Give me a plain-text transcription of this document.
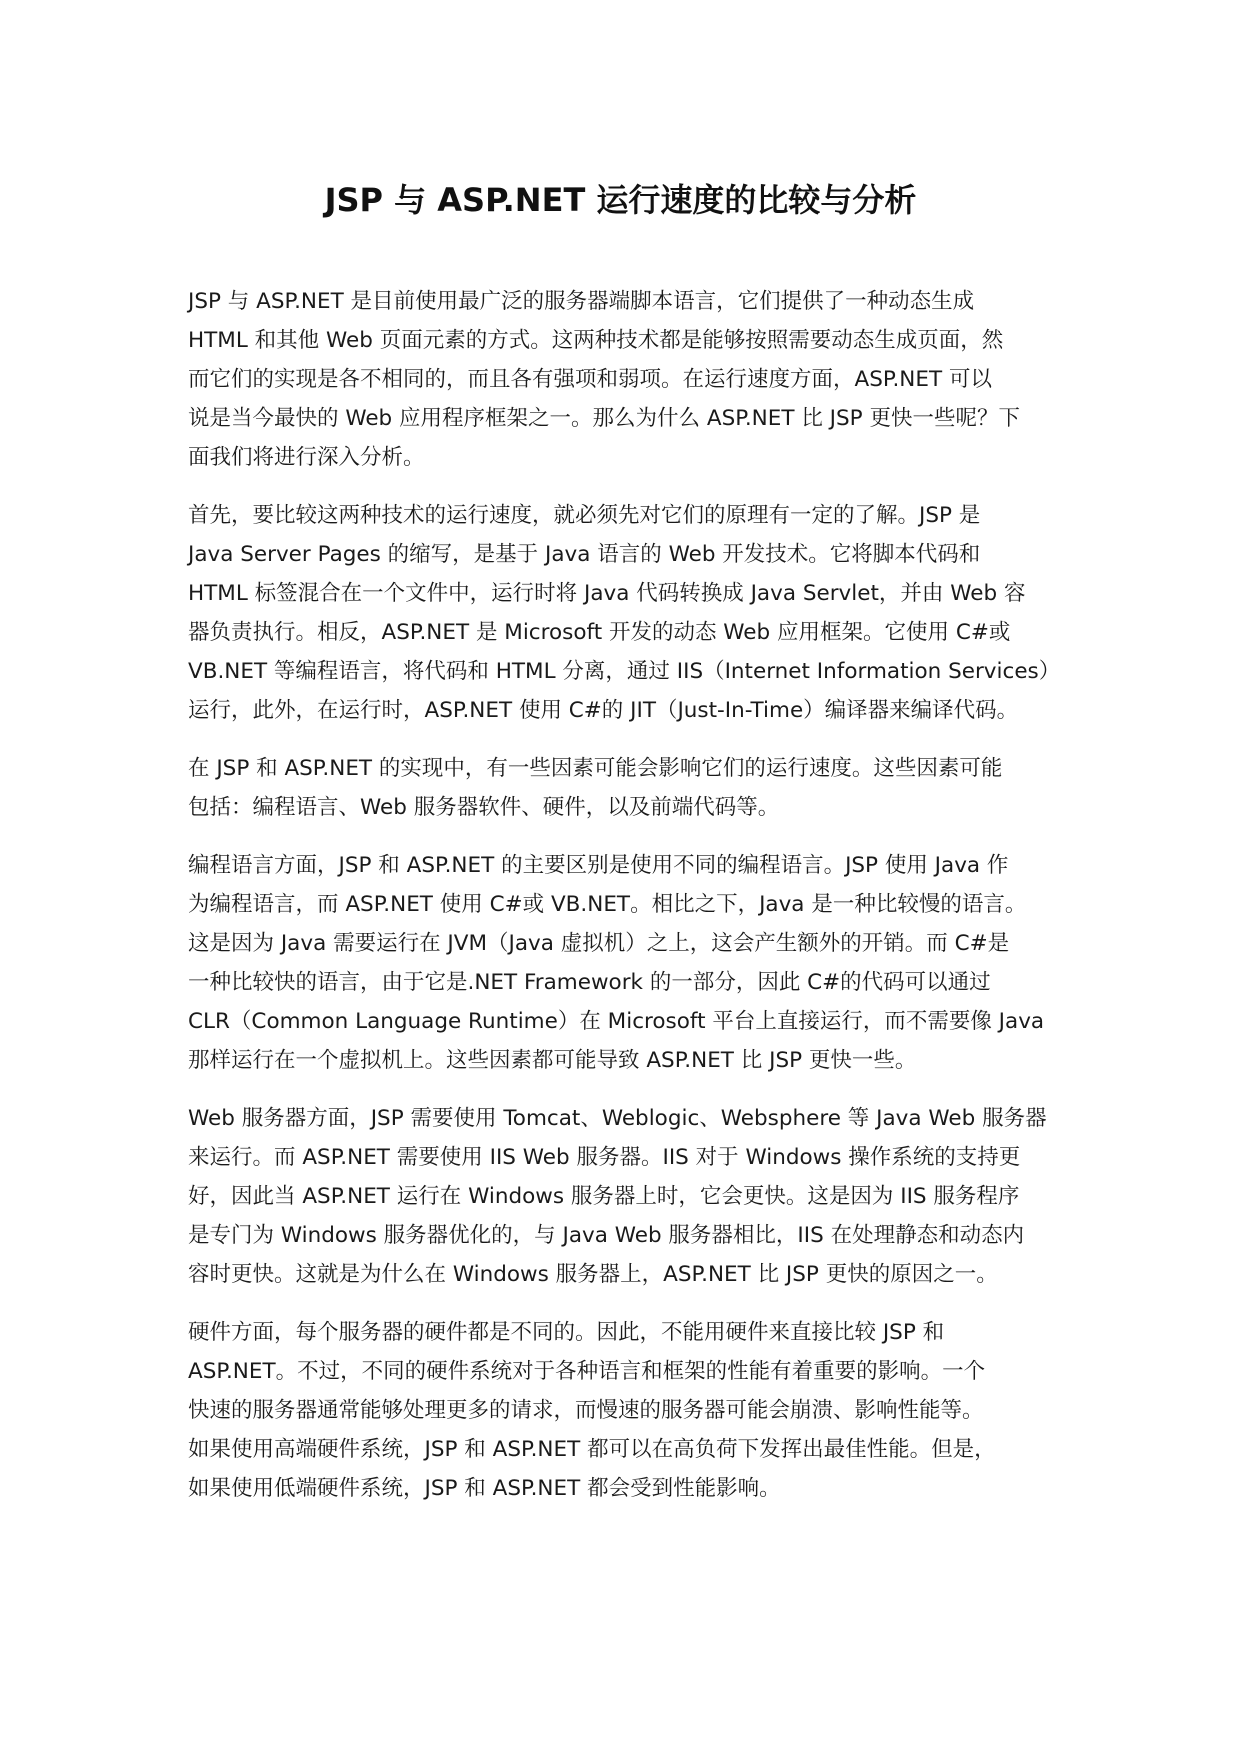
JSP 与 ASP.NET 运行速度的比较与分析

JSP 与 ASP.NET 是目前使用最广泛的服务器端脚本语言，它们提供了一种动态生成
HTML 和其他 Web 页面元素的方式。这两种技术都是能够按照需要动态生成页面，然
而它们的实现是各不相同的，而且各有强项和弱项。在运行速度方面，ASP.NET 可以
说是当今最快的 Web 应用程序框架之一。那么为什么 ASP.NET 比 JSP 更快一些呢？下
面我们将进行深入分析。

首先，要比较这两种技术的运行速度，就必须先对它们的原理有一定的了解。JSP 是
Java Server Pages 的缩写，是基于 Java 语言的 Web 开发技术。它将脚本代码和
HTML 标签混合在一个文件中，运行时将 Java 代码转换成 Java Servlet，并由 Web 容
器负责执行。相反，ASP.NET 是 Microsoft 开发的动态 Web 应用框架。它使用 C#或
VB.NET 等编程语言，将代码和 HTML 分离，通过 IIS（Internet Information Services）
运行，此外，在运行时，ASP.NET 使用 C#的 JIT（Just-In-Time）编译器来编译代码。

在 JSP 和 ASP.NET 的实现中，有一些因素可能会影响它们的运行速度。这些因素可能
包括：编程语言、Web 服务器软件、硬件，以及前端代码等。

编程语言方面，JSP 和 ASP.NET 的主要区别是使用不同的编程语言。JSP 使用 Java 作
为编程语言，而 ASP.NET 使用 C#或 VB.NET。相比之下，Java 是一种比较慢的语言。
这是因为 Java 需要运行在 JVM（Java 虚拟机）之上，这会产生额外的开销。而 C#是
一种比较快的语言，由于它是.NET Framework 的一部分，因此 C#的代码可以通过
CLR（Common Language Runtime）在 Microsoft 平台上直接运行，而不需要像 Java
那样运行在一个虚拟机上。这些因素都可能导致 ASP.NET 比 JSP 更快一些。

Web 服务器方面，JSP 需要使用 Tomcat、Weblogic、Websphere 等 Java Web 服务器
来运行。而 ASP.NET 需要使用 IIS Web 服务器。IIS 对于 Windows 操作系统的支持更
好，因此当 ASP.NET 运行在 Windows 服务器上时，它会更快。这是因为 IIS 服务程序
是专门为 Windows 服务器优化的，与 Java Web 服务器相比，IIS 在处理静态和动态内
容时更快。这就是为什么在 Windows 服务器上，ASP.NET 比 JSP 更快的原因之一。

硬件方面，每个服务器的硬件都是不同的。因此，不能用硬件来直接比较 JSP 和
ASP.NET。不过，不同的硬件系统对于各种语言和框架的性能有着重要的影响。一个
快速的服务器通常能够处理更多的请求，而慢速的服务器可能会崩溃、影响性能等。
如果使用高端硬件系统，JSP 和 ASP.NET 都可以在高负荷下发挥出最佳性能。但是，
如果使用低端硬件系统，JSP 和 ASP.NET 都会受到性能影响。
